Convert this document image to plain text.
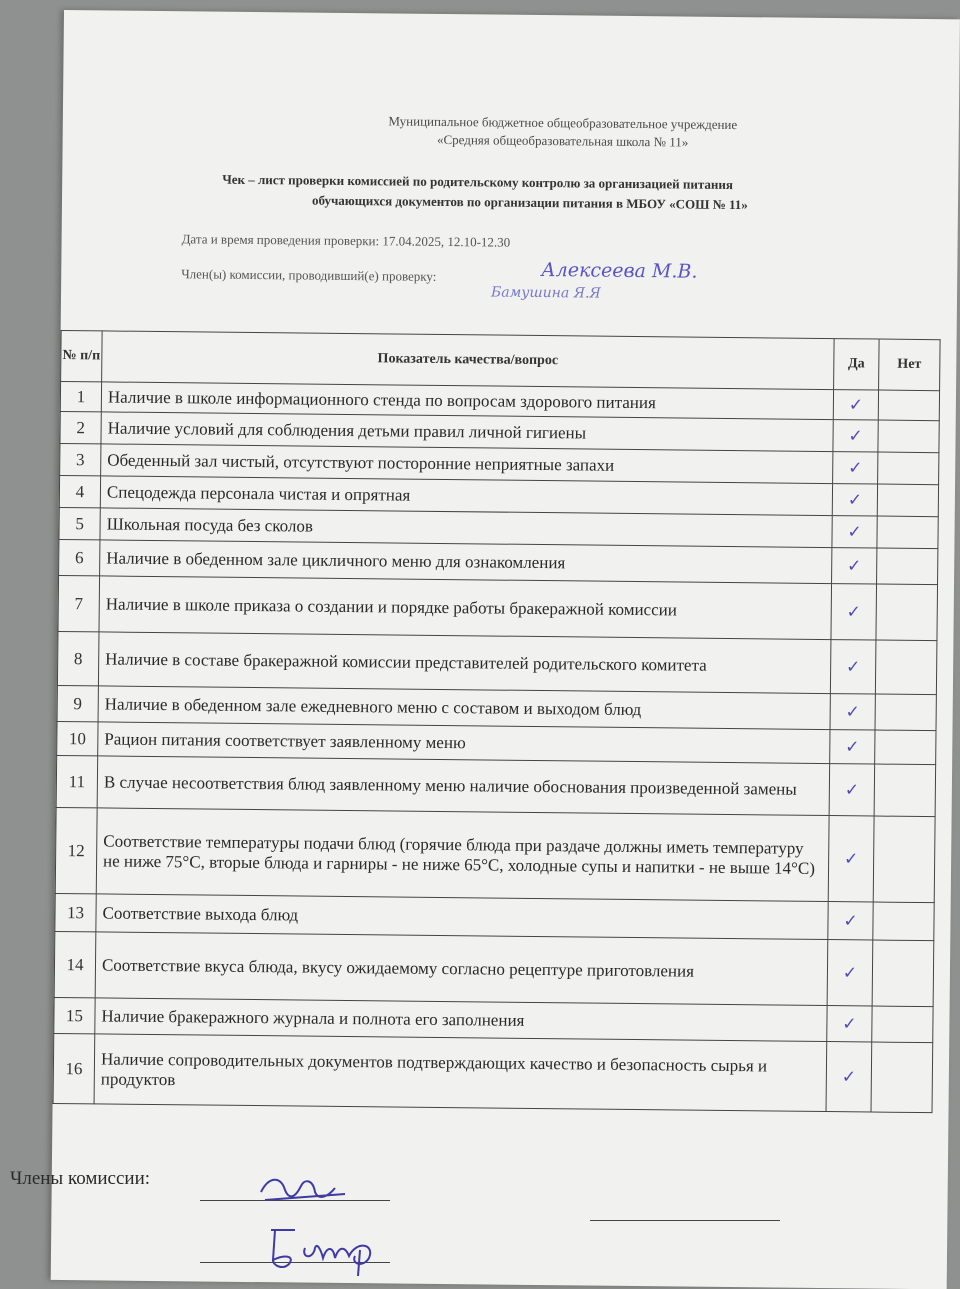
Муниципальное бюджетное общеобразовательное учреждение
«Средняя общеобразовательная школа № 11»
Чек – лист проверки комиссией по родительскому контролю за организацией питания
обучающихся документов по организации питания в МБОУ «СОШ № 11»
Дата и время проведения проверки: 17.04.2025, 12.10-12.30
Член(ы) комиссии, проводивший(е) проверку:	Алексеева М.В.
Бамушина Я.Я
№ п/п	Показатель качества/вопрос	Да	Нет
1	Наличие в школе информационного стенда по вопросам здорового питания	✓	
2	Наличие условий для соблюдения детьми правил личной гигиены	✓	
3	Обеденный зал чистый, отсутствуют посторонние неприятные запахи	✓	
4	Спецодежда персонала чистая и опрятная	✓	
5	Школьная посуда без сколов	✓	
6	Наличие в обеденном зале цикличного меню для ознакомления	✓	
7	Наличие в школе приказа о создании и порядке работы бракеражной комиссии	✓	
8	Наличие в составе бракеражной комиссии представителей родительского комитета	✓	
9	Наличие в обеденном зале ежедневного меню с составом и выходом блюд	✓	
10	Рацион питания соответствует заявленному меню	✓	
11	В случае несоответствия блюд заявленному меню наличие обоснования произведенной замены	✓	
12	Соответствие температуры подачи блюд (горячие блюда при раздаче должны иметь температуру не ниже 75°С, вторые блюда и гарниры - не ниже 65°С, холодные супы и напитки - не выше 14°С)	✓	
13	Соответствие выхода блюд	✓	
14	Соответствие вкуса блюда, вкусу ожидаемому согласно рецептуре приготовления	✓	
15	Наличие бракеражного журнала и полнота его заполнения	✓	
16	Наличие сопроводительных документов подтверждающих качество и безопасность сырья и продуктов	✓	
Члены комиссии:
